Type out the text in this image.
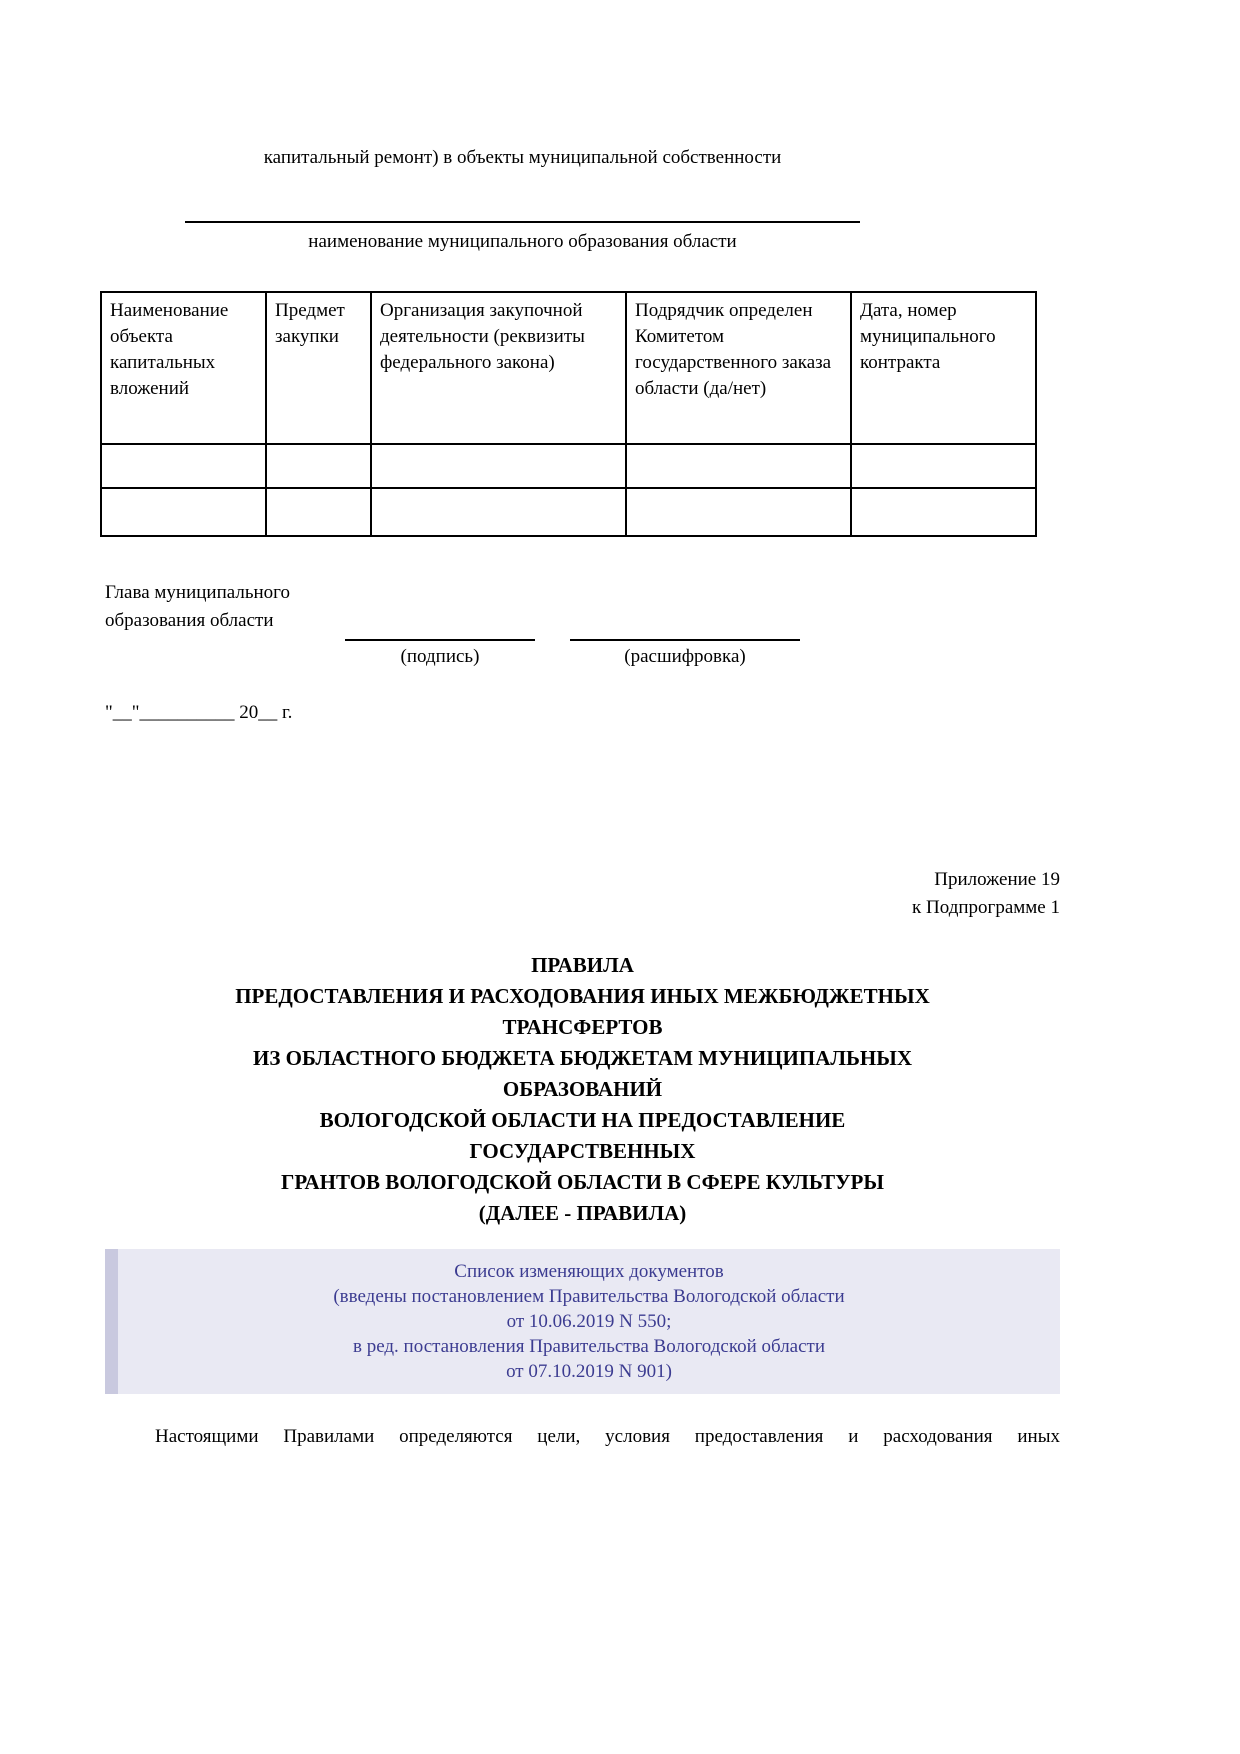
капитальный ремонт) в объекты муниципальной собственности

наименование муниципального образования области

Наименование объекта капитальных вложений	Предмет закупки	Организация закупочной деятельности (реквизиты федерального закона)	Подрядчик определен Комитетом государственного заказа области (да/нет)	Дата, номер муниципального контракта

Глава муниципального
образования области
(подпись)	(расшифровка)

"__"__________ 20__ г.

Приложение 19
к Подпрограмме 1
ПРАВИЛА
ПРЕДОСТАВЛЕНИЯ И РАСХОДОВАНИЯ ИНЫХ МЕЖБЮДЖЕТНЫХ
ТРАНСФЕРТОВ
ИЗ ОБЛАСТНОГО БЮДЖЕТА БЮДЖЕТАМ МУНИЦИПАЛЬНЫХ
ОБРАЗОВАНИЙ
ВОЛОГОДСКОЙ ОБЛАСТИ НА ПРЕДОСТАВЛЕНИЕ
ГОСУДАРСТВЕННЫХ
ГРАНТОВ ВОЛОГОДСКОЙ ОБЛАСТИ В СФЕРЕ КУЛЬТУРЫ
(ДАЛЕЕ - ПРАВИЛА)
Список изменяющих документов
(введены постановлением Правительства Вологодской области
от 10.06.2019 N 550;
в ред. постановления Правительства Вологодской области
от 07.10.2019 N 901)

Настоящими Правилами определяются цели, условия предоставления и расходования иных
